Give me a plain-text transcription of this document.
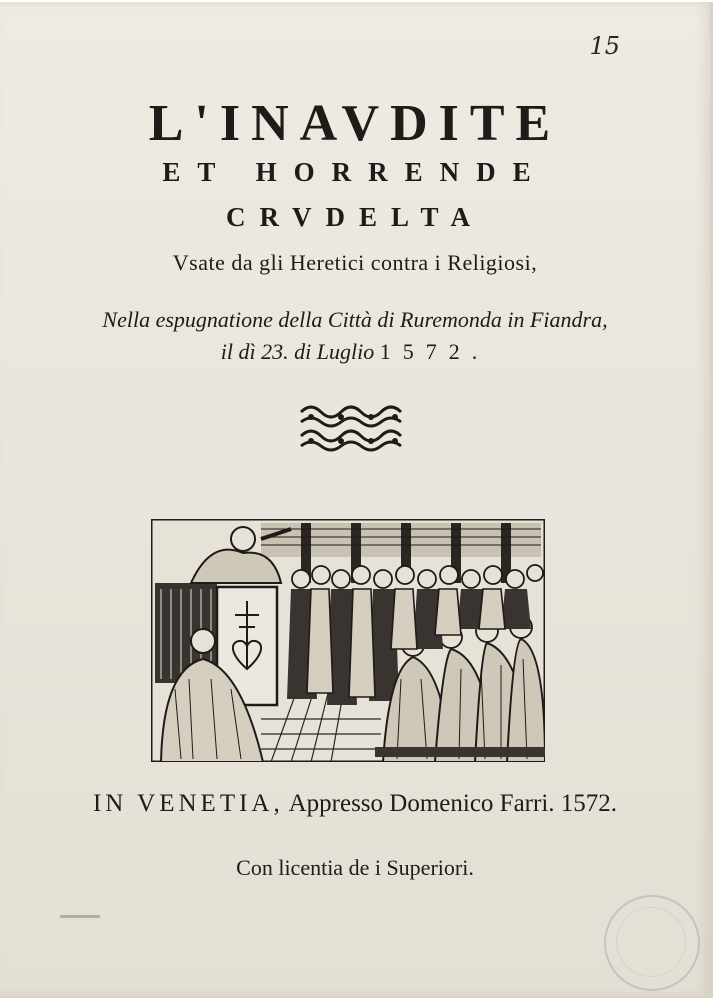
15
L'INAVDITE
ET HORRENDE
CRVDELTA
Vsate da gli Heretici contra i Religiosi,
Nella espugnatione della Città di Ruremonda in Fiandra,
il dì 23. di Luglio 1572.
IN VENETIA, Appresso Domenico Farri. 1572.
Con licentia de i Superiori.
